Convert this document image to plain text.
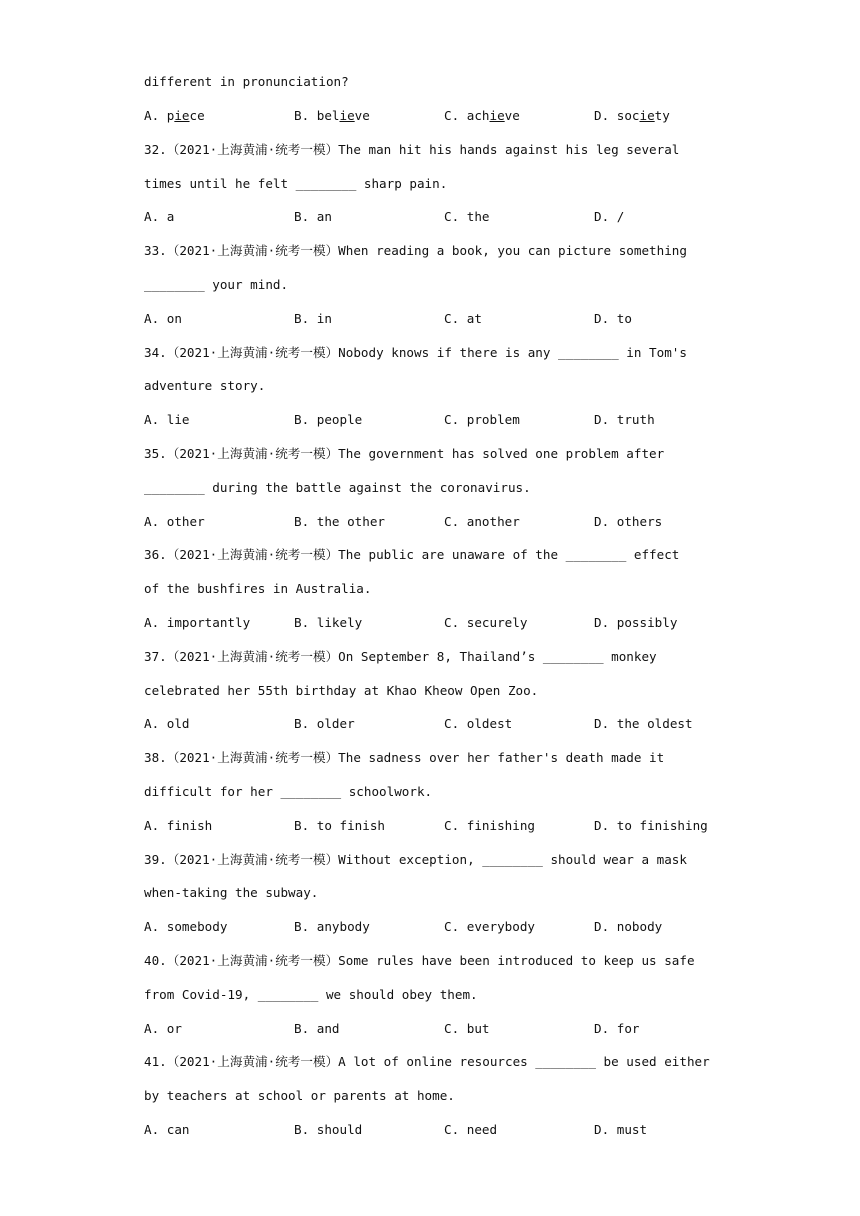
different in pronunciation?
A. piece	B. believe	C. achieve	D. society
32.（2021·上海黄浦·统考一模）The man hit his hands against his leg several
times until he felt ________ sharp pain.
A. a	B. an	C. the	D. /
33.（2021·上海黄浦·统考一模）When reading a book, you can picture something
________ your mind.
A. on	B. in	C. at	D. to
34.（2021·上海黄浦·统考一模）Nobody knows if there is any ________ in Tom's
adventure story.
A. lie	B. people	C. problem	D. truth
35.（2021·上海黄浦·统考一模）The government has solved one problem after
________ during the battle against the coronavirus.
A. other	B. the other	C. another	D. others
36.（2021·上海黄浦·统考一模）The public are unaware of the ________ effect
of the bushfires in Australia.
A. importantly	B. likely	C. securely	D. possibly
37.（2021·上海黄浦·统考一模）On September 8, Thailand’s ________ monkey
celebrated her 55th birthday at Khao Kheow Open Zoo.
A. old	B. older	C. oldest	D. the oldest
38.（2021·上海黄浦·统考一模）The sadness over her father's death made it
difficult for her ________ schoolwork.
A. finish	B. to finish	C. finishing	D. to finishing
39.（2021·上海黄浦·统考一模）Without exception, ________ should wear a mask
when-taking the subway.
A. somebody	B. anybody	C. everybody	D. nobody
40.（2021·上海黄浦·统考一模）Some rules have been introduced to keep us safe
from Covid-19, ________ we should obey them.
A. or	B. and	C. but	D. for
41.（2021·上海黄浦·统考一模）A lot of online resources ________ be used either
by teachers at school or parents at home.
A. can	B. should	C. need	D. must
